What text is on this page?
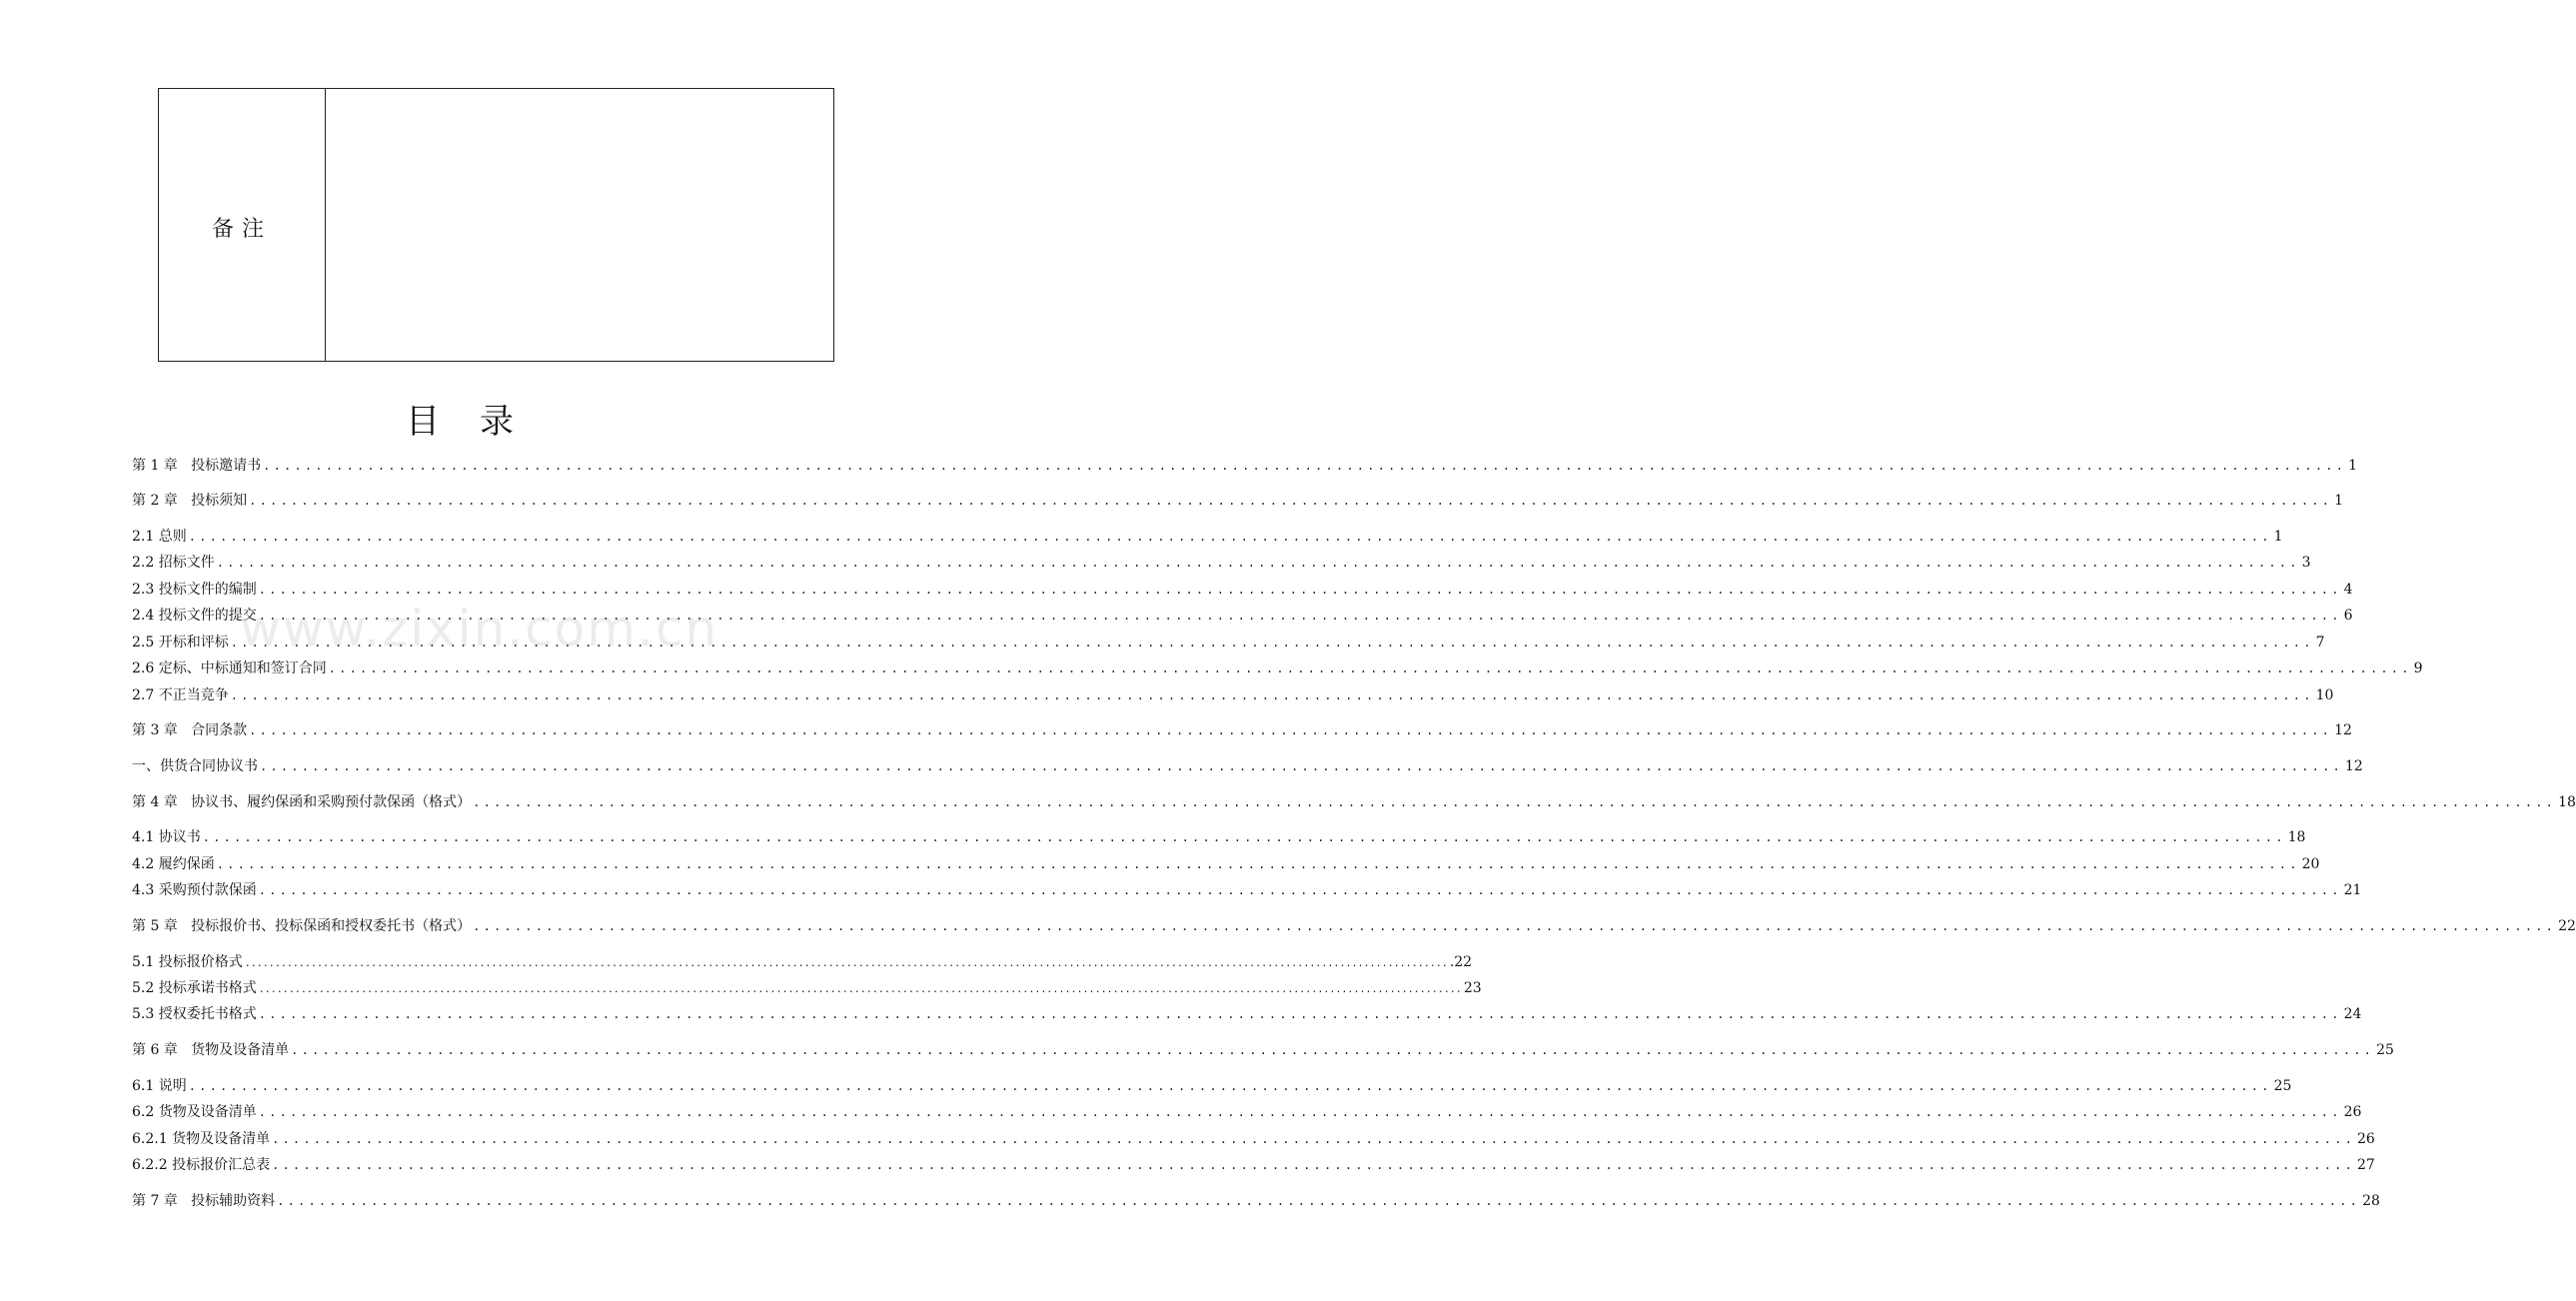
备注
目录
www.zixin.com.cn
第 1 章 投标邀请书 ........................................................................................................................................................................................................ 1
第 2 章 投标须知 ........................................................................................................................................................................................................ 1
2.1 总则 ........................................................................................................................................................................................................ 1
2.2 招标文件 ........................................................................................................................................................................................................ 3
2.3 投标文件的编制 ........................................................................................................................................................................................................ 4
2.4 投标文件的提交 ........................................................................................................................................................................................................ 6
2.5 开标和评标 ........................................................................................................................................................................................................ 7
2.6 定标、中标通知和签订合同 ........................................................................................................................................................................................................ 9
2.7 不正当竞争 ........................................................................................................................................................................................................ 10
第 3 章 合同条款 ........................................................................................................................................................................................................ 12
一、供货合同协议书 ........................................................................................................................................................................................................ 12
第 4 章 协议书、履约保函和采购预付款保函（格式） ........................................................................................................................................................................................................ 18
4.1 协议书 ........................................................................................................................................................................................................ 18
4.2 履约保函 ........................................................................................................................................................................................................ 20
4.3 采购预付款保函 ........................................................................................................................................................................................................ 21
第 5 章 投标报价书、投标保函和授权委托书（格式） ........................................................................................................................................................................................................ 22
5.1 投标报价格式 ........................................................................................................................................................................................................ .22
5.2 投标承诺书格式 ........................................................................................................................................................................................................ 23
5.3 授权委托书格式 ........................................................................................................................................................................................................ 24
第 6 章 货物及设备清单 ........................................................................................................................................................................................................ 25
6.1 说明 ........................................................................................................................................................................................................ 25
6.2 货物及设备清单 ........................................................................................................................................................................................................ 26
6.2.1 货物及设备清单 ........................................................................................................................................................................................................ 26
6.2.2 投标报价汇总表 ........................................................................................................................................................................................................ 27
第 7 章 投标辅助资料 ........................................................................................................................................................................................................ 28
